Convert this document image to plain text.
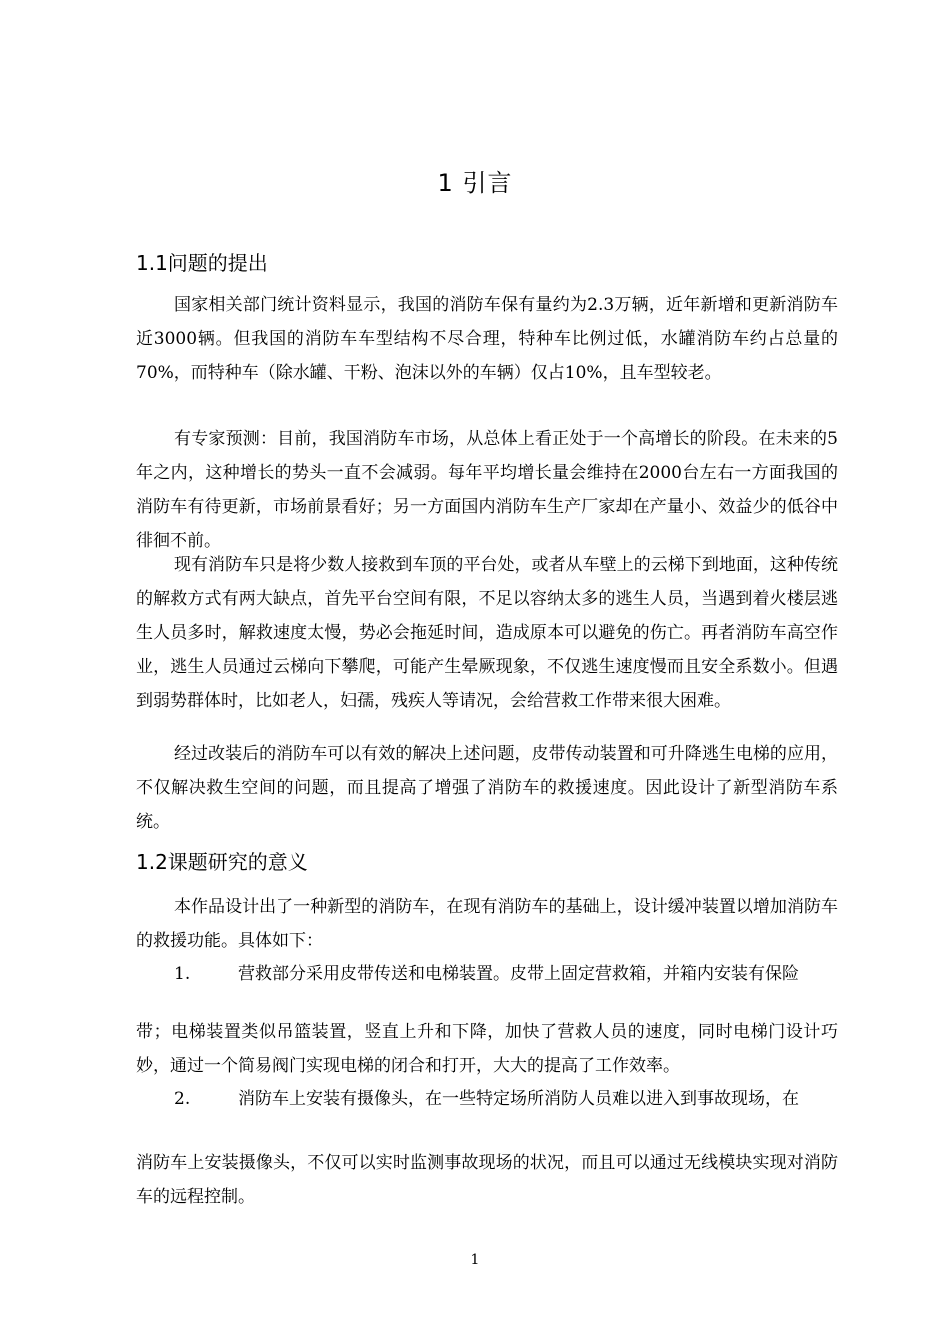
1 引言
1.1问题的提出

国家相关部门统计资料显示，我国的消防车保有量约为2.3万辆，近年新增和更新消防车近3000辆。但我国的消防车车型结构不尽合理，特种车比例过低，水罐消防车约占总量的70%，而特种车（除水罐、干粉、泡沫以外的车辆）仅占10%，且车型较老。

有专家预测：目前，我国消防车市场，从总体上看正处于一个高增长的阶段。在未来的5年之内，这种增长的势头一直不会减弱。每年平均增长量会维持在2000台左右一方面我国的消防车有待更新，市场前景看好；另一方面国内消防车生产厂家却在产量小、效益少的低谷中徘徊不前。

现有消防车只是将少数人接救到车顶的平台处，或者从车壁上的云梯下到地面，这种传统的解救方式有两大缺点，首先平台空间有限，不足以容纳太多的逃生人员，当遇到着火楼层逃生人员多时，解救速度太慢，势必会拖延时间，造成原本可以避免的伤亡。再者消防车高空作业，逃生人员通过云梯向下攀爬，可能产生晕厥现象，不仅逃生速度慢而且安全系数小。但遇到弱势群体时，比如老人，妇孺，残疾人等请况，会给营救工作带来很大困难。

经过改装后的消防车可以有效的解决上述问题，皮带传动装置和可升降逃生电梯的应用，不仅解决救生空间的问题，而且提高了增强了消防车的救援速度。因此设计了新型消防车系统。

1.2课题研究的意义

本作品设计出了一种新型的消防车，在现有消防车的基础上，设计缓冲装置以增加消防车的救援功能。具体如下：

1.	营救部分采用皮带传送和电梯装置。皮带上固定营救箱，并箱内安装有保险

带；电梯装置类似吊篮装置，竖直上升和下降，加快了营救人员的速度，同时电梯门设计巧妙，通过一个简易阀门实现电梯的闭合和打开，大大的提高了工作效率。

2.	消防车上安装有摄像头，在一些特定场所消防人员难以进入到事故现场，在

消防车上安装摄像头，不仅可以实时监测事故现场的状况，而且可以通过无线模块实现对消防车的远程控制。

1
